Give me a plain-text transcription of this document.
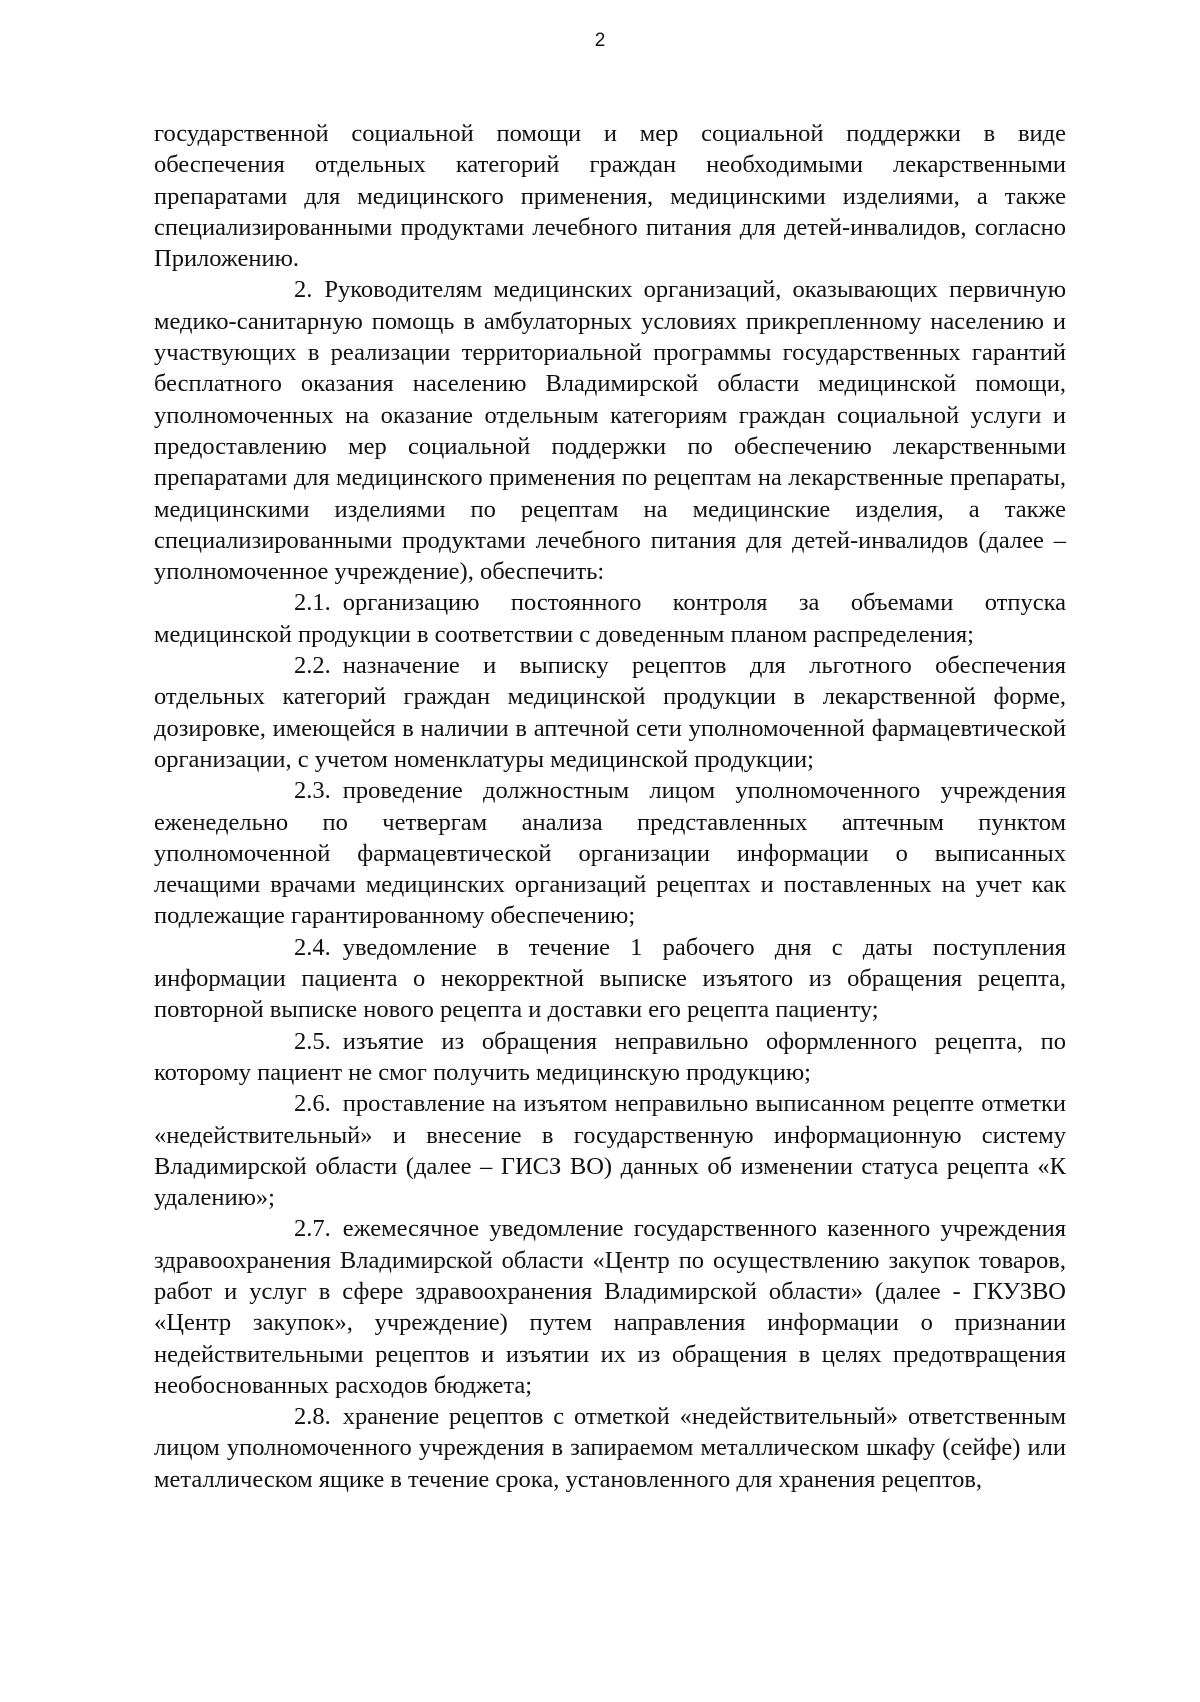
2

государственной социальной помощи и мер социальной поддержки в виде обеспечения отдельных категорий граждан необходимыми лекарственными препаратами для медицинского применения, медицинскими изделиями, а также специализированными продуктами лечебного питания для детей-инвалидов, согласно Приложению.

2. Руководителям медицинских организаций, оказывающих первичную медико-санитарную помощь в амбулаторных условиях прикрепленному населению и участвующих в реализации территориальной программы государственных гарантий бесплатного оказания населению Владимирской области медицинской помощи, уполномоченных на оказание отдельным категориям граждан социальной услуги и предоставлению мер социальной поддержки по обеспечению лекарственными препаратами для медицинского применения по рецептам на лекарственные препараты, медицинскими изделиями по рецептам на медицинские изделия, а также специализированными продуктами лечебного питания для детей-инвалидов (далее – уполномоченное учреждение), обеспечить:

2.1. организацию постоянного контроля за объемами отпуска медицинской продукции в соответствии с доведенным планом распределения;

2.2. назначение и выписку рецептов для льготного обеспечения отдельных категорий граждан медицинской продукции в лекарственной форме, дозировке, имеющейся в наличии в аптечной сети уполномоченной фармацевтической организации, с учетом номенклатуры медицинской продукции;

2.3. проведение должностным лицом уполномоченного учреждения еженедельно по четвергам анализа представленных аптечным пунктом уполномоченной фармацевтической организации информации о выписанных лечащими врачами медицинских организаций рецептах и поставленных на учет как подлежащие гарантированному обеспечению;

2.4. уведомление в течение 1 рабочего дня с даты поступления информации пациента о некорректной выписке изъятого из обращения рецепта, повторной выписке нового рецепта и доставки его рецепта пациенту;

2.5. изъятие из обращения неправильно оформленного рецепта, по которому пациент не смог получить медицинскую продукцию;

2.6. проставление на изъятом неправильно выписанном рецепте отметки «недействительный» и внесение в государственную информационную систему Владимирской области (далее – ГИСЗ ВО) данных об изменении статуса рецепта «К удалению»;

2.7. ежемесячное уведомление государственного казенного учреждения здравоохранения Владимирской области «Центр по осуществлению закупок товаров, работ и услуг в сфере здравоохранения Владимирской области» (далее - ГКУЗВО «Центр закупок», учреждение) путем направления информации о признании недействительными рецептов и изъятии их из обращения в целях предотвращения необоснованных расходов бюджета;

2.8. хранение рецептов с отметкой «недействительный» ответственным лицом уполномоченного учреждения в запираемом металлическом шкафу (сейфе) или металлическом ящике в течение срока, установленного для хранения рецептов,
